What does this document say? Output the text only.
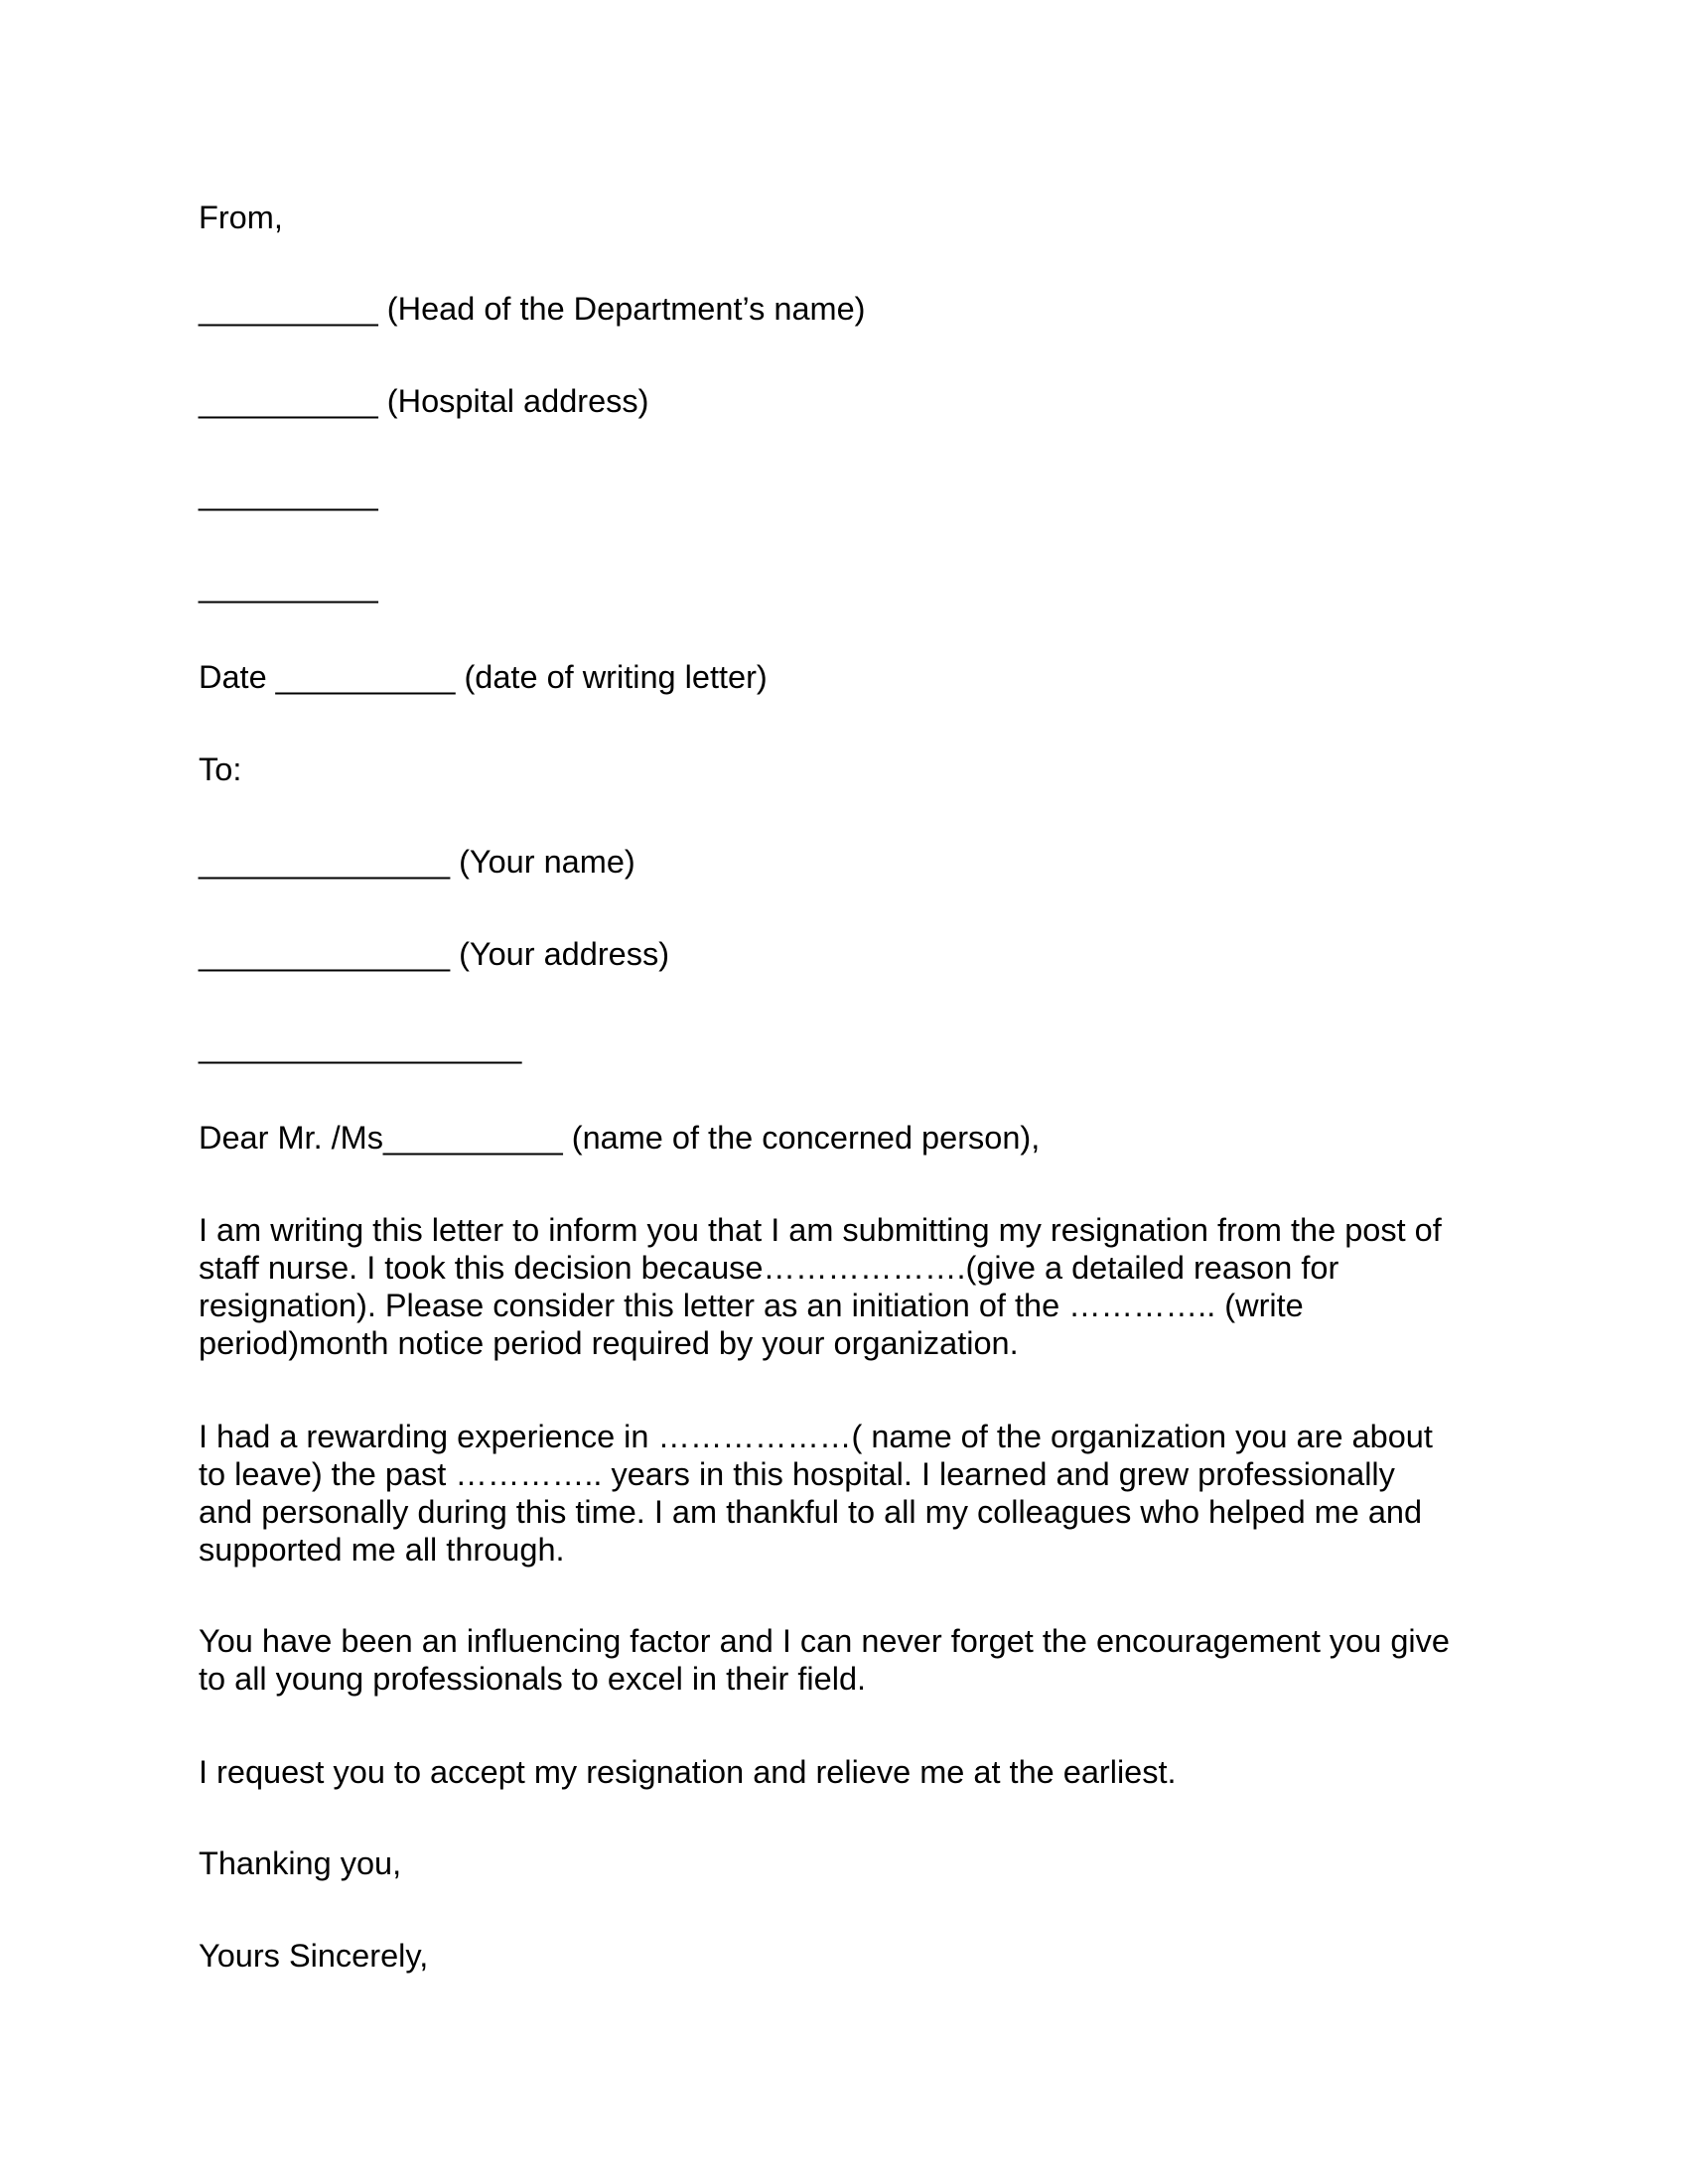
From,

__________ (Head of the Department’s name)

__________ (Hospital address)

__________

__________

Date __________ (date of writing letter)

To:

______________ (Your name)

______________ (Your address)

__________________

Dear Mr. /Ms__________ (name of the concerned person),

I am writing this letter to inform you that I am submitting my resignation from the post of
staff nurse. I took this decision because……………….(give a detailed reason for
resignation). Please consider this letter as an initiation of the ………….. (write
period)month notice period required by your organization.
I had a rewarding experience in ………………( name of the organization you are about
to leave) the past ………….. years in this hospital. I learned and grew professionally
and personally during this time. I am thankful to all my colleagues who helped me and
supported me all through.
You have been an influencing factor and I can never forget the encouragement you give
to all young professionals to excel in their field.

I request you to accept my resignation and relieve me at the earliest.

Thanking you,

Yours Sincerely,
